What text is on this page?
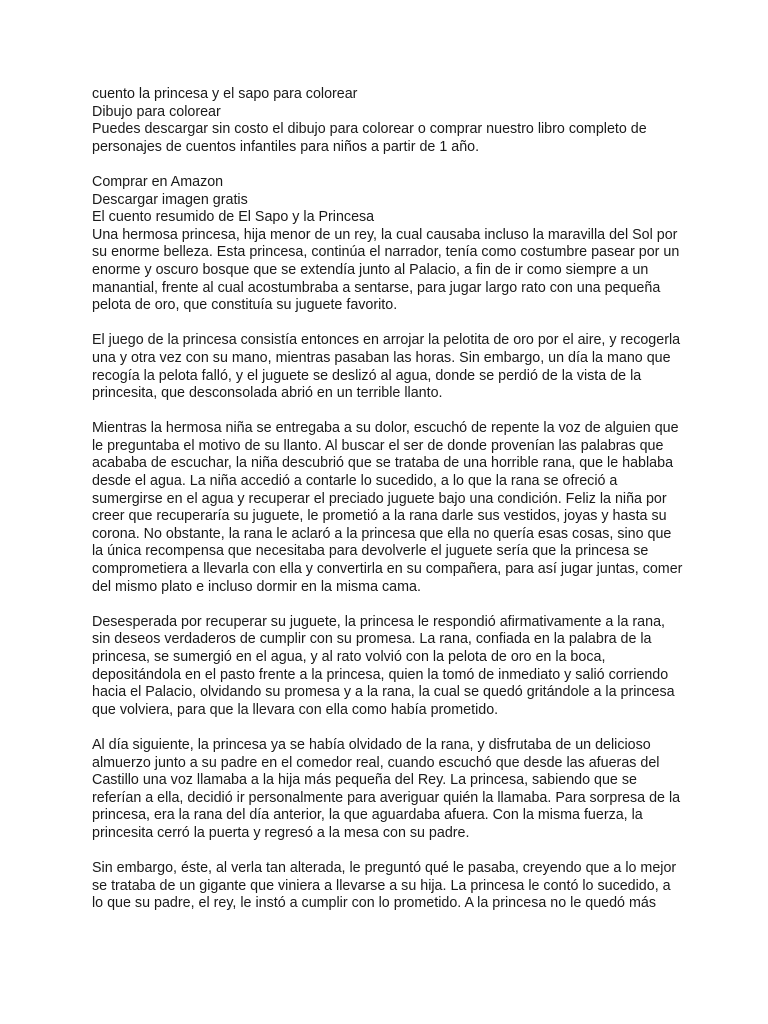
cuento la princesa y el sapo para colorear
Dibujo para colorear
Puedes descargar sin costo el dibujo para colorear o comprar nuestro libro completo de personajes de cuentos infantiles para niños a partir de 1 año.
Comprar en Amazon
Descargar imagen gratis
El cuento resumido de El Sapo y la Princesa

Una hermosa princesa, hija menor de un rey, la cual causaba incluso la maravilla del Sol por su enorme belleza. Esta princesa, continúa el narrador, tenía como costumbre pasear por un enorme y oscuro bosque que se extendía junto al Palacio, a fin de ir como siempre a un manantial, frente al cual acostumbraba a sentarse, para jugar largo rato con una pequeña pelota de oro, que constituía su juguete favorito.

El juego de la princesa consistía entonces en arrojar la pelotita de oro por el aire, y recogerla una y otra vez con su mano, mientras pasaban las horas. Sin embargo, un día la mano que recogía la pelota falló, y el juguete se deslizó al agua, donde se perdió de la vista de la princesita, que desconsolada abrió en un terrible llanto.

Mientras la hermosa niña se entregaba a su dolor, escuchó de repente la voz de alguien que le preguntaba el motivo de su llanto. Al buscar el ser de donde provenían las palabras que acababa de escuchar, la niña descubrió que se trataba de una horrible rana, que le hablaba desde el agua. La niña accedió a contarle lo sucedido, a lo que la rana se ofreció a sumergirse en el agua y recuperar el preciado juguete bajo una condición. Feliz la niña por creer que recuperaría su juguete, le prometió a la rana darle sus vestidos, joyas y hasta su corona. No obstante, la rana le aclaró a la princesa que ella no quería esas cosas, sino que la única recompensa que necesitaba para devolverle el juguete sería que la princesa se comprometiera a llevarla con ella y convertirla en su compañera, para así jugar juntas, comer del mismo plato e incluso dormir en la misma cama.

Desesperada por recuperar su juguete, la princesa le respondió afirmativamente a la rana, sin deseos verdaderos de cumplir con su promesa. La rana, confiada en la palabra de la princesa, se sumergió en el agua, y al rato volvió con la pelota de oro en la boca, depositándola en el pasto frente a la princesa, quien la tomó de inmediato y salió corriendo hacia el Palacio, olvidando su promesa y a la rana, la cual se quedó gritándole a la princesa que volviera, para que la llevara con ella como había prometido.

Al día siguiente, la princesa ya se había olvidado de la rana, y disfrutaba de un delicioso almuerzo junto a su padre en el comedor real, cuando escuchó que desde las afueras del Castillo una voz llamaba a la hija más pequeña del Rey. La princesa, sabiendo que se referían a ella, decidió ir personalmente para averiguar quién la llamaba. Para sorpresa de la princesa, era la rana del día anterior, la que aguardaba afuera. Con la misma fuerza, la princesita cerró la puerta y regresó a la mesa con su padre.

Sin embargo, éste, al verla tan alterada, le preguntó qué le pasaba, creyendo que a lo mejor se trataba de un gigante que viniera a llevarse a su hija. La princesa le contó lo sucedido, a lo que su padre, el rey, le instó a cumplir con lo prometido. A la princesa no le quedó más
